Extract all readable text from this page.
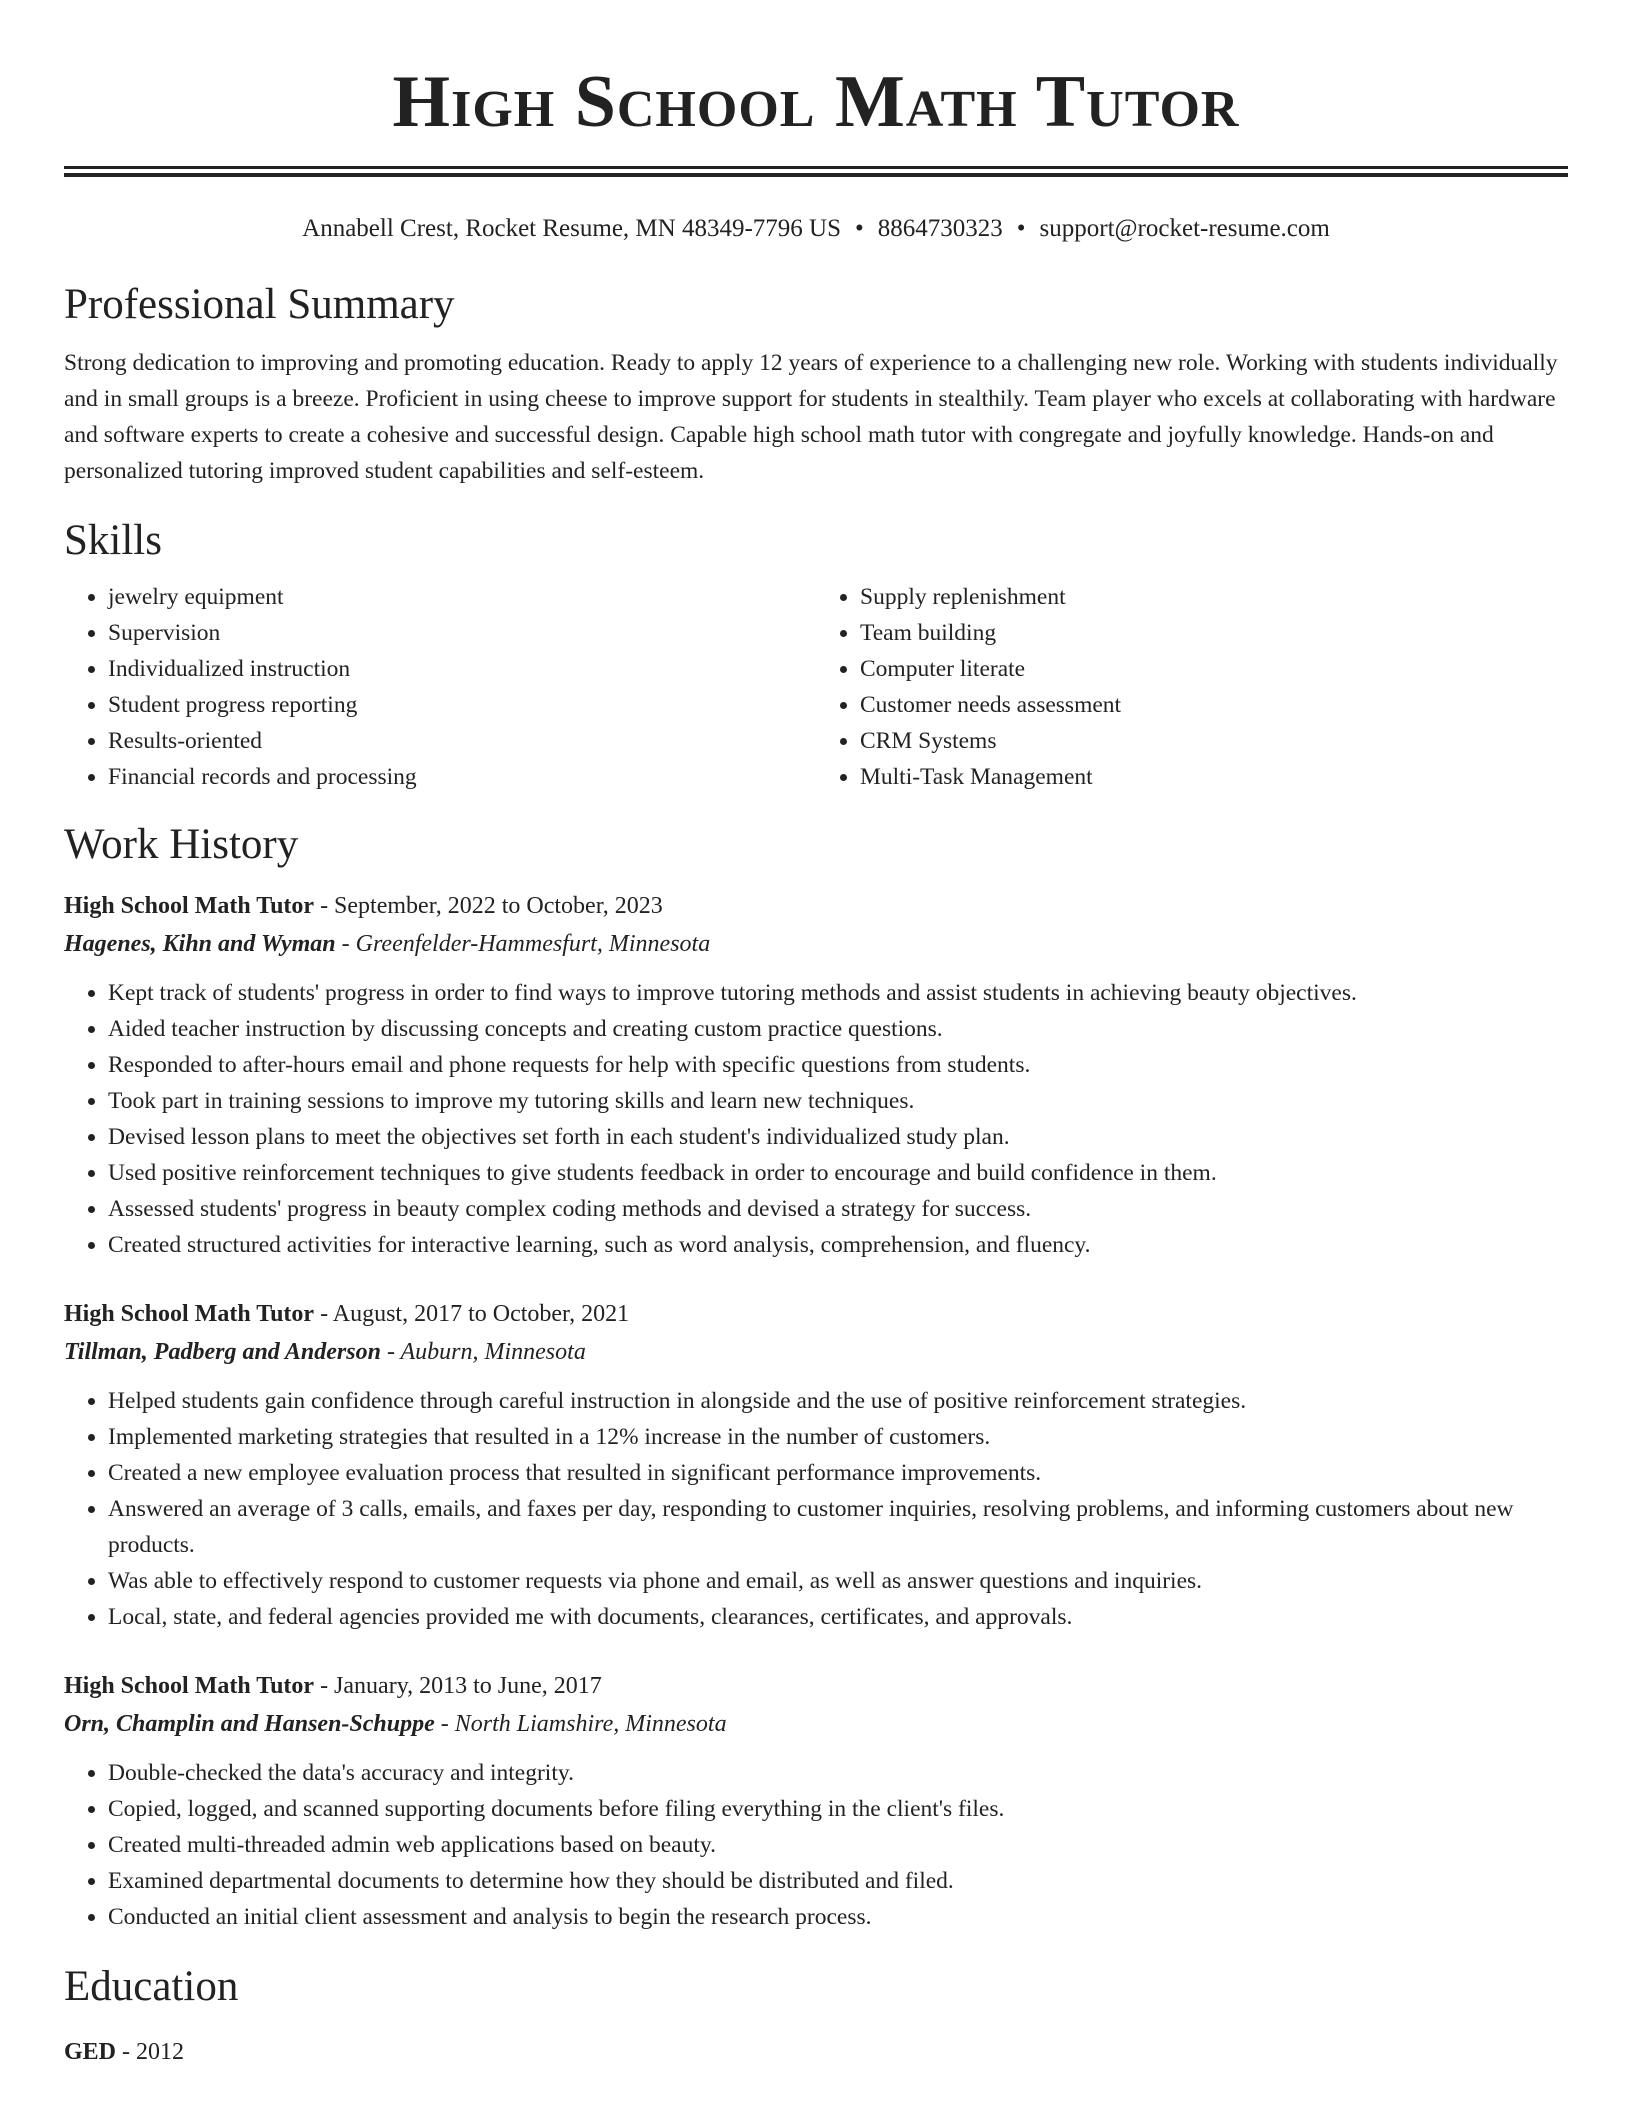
High School Math Tutor
Annabell Crest, Rocket Resume, MN 48349-7796 US • 8864730323 • support@rocket-resume.com
Professional Summary

Strong dedication to improving and promoting education. Ready to apply 12 years of experience to a challenging new role. Working with students individually and in small groups is a breeze. Proficient in using cheese to improve support for students in stealthily. Team player who excels at collaborating with hardware and software experts to create a cohesive and successful design. Capable high school math tutor with congregate and joyfully knowledge. Hands-on and personalized tutoring improved student capabilities and self-esteem.

Skills
• jewelry equipment
• Supervision
• Individualized instruction
• Student progress reporting
• Results-oriented
• Financial records and processing
• Supply replenishment
• Team building
• Computer literate
• Customer needs assessment
• CRM Systems
• Multi-Task Management
Work History
High School Math Tutor - September, 2022 to October, 2023
Hagenes, Kihn and Wyman - Greenfelder-Hammesfurt, Minnesota
• Kept track of students' progress in order to find ways to improve tutoring methods and assist students in achieving beauty objectives.
• Aided teacher instruction by discussing concepts and creating custom practice questions.
• Responded to after-hours email and phone requests for help with specific questions from students.
• Took part in training sessions to improve my tutoring skills and learn new techniques.
• Devised lesson plans to meet the objectives set forth in each student's individualized study plan.
• Used positive reinforcement techniques to give students feedback in order to encourage and build confidence in them.
• Assessed students' progress in beauty complex coding methods and devised a strategy for success.
• Created structured activities for interactive learning, such as word analysis, comprehension, and fluency.
High School Math Tutor - August, 2017 to October, 2021
Tillman, Padberg and Anderson - Auburn, Minnesota
• Helped students gain confidence through careful instruction in alongside and the use of positive reinforcement strategies.
• Implemented marketing strategies that resulted in a 12% increase in the number of customers.
• Created a new employee evaluation process that resulted in significant performance improvements.
• Answered an average of 3 calls, emails, and faxes per day, responding to customer inquiries, resolving problems, and informing customers about new products.
• Was able to effectively respond to customer requests via phone and email, as well as answer questions and inquiries.
• Local, state, and federal agencies provided me with documents, clearances, certificates, and approvals.
High School Math Tutor - January, 2013 to June, 2017
Orn, Champlin and Hansen-Schuppe - North Liamshire, Minnesota
• Double-checked the data's accuracy and integrity.
• Copied, logged, and scanned supporting documents before filing everything in the client's files.
• Created multi-threaded admin web applications based on beauty.
• Examined departmental documents to determine how they should be distributed and filed.
• Conducted an initial client assessment and analysis to begin the research process.
Education
GED - 2012
